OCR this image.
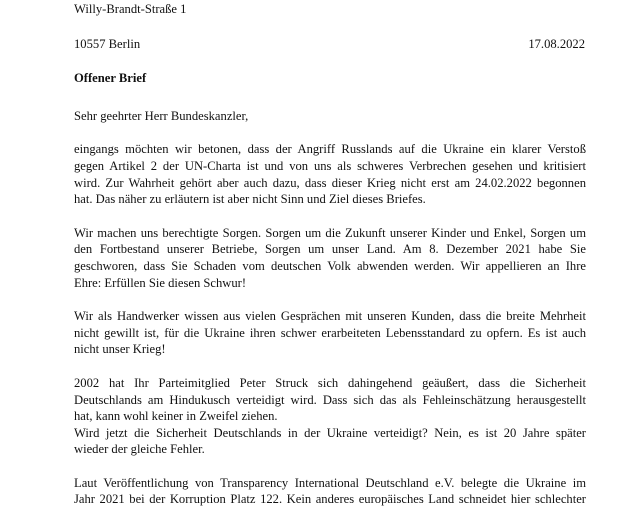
Willy-Brandt-Straße 1
10557 Berlin	17.08.2022
Offener Brief
Sehr geehrter Herr Bundeskanzler,
eingangs möchten wir betonen, dass der Angriff Russlands auf die Ukraine ein klarer Verstoß
gegen Artikel 2 der UN-Charta ist und von uns als schweres Verbrechen gesehen und kritisiert
wird. Zur Wahrheit gehört aber auch dazu, dass dieser Krieg nicht erst am 24.02.2022 begonnen
hat. Das näher zu erläutern ist aber nicht Sinn und Ziel dieses Briefes.
Wir machen uns berechtigte Sorgen. Sorgen um die Zukunft unserer Kinder und Enkel, Sorgen um
den Fortbestand unserer Betriebe, Sorgen um unser Land. Am 8. Dezember 2021 habe Sie
geschworen, dass Sie Schaden vom deutschen Volk abwenden werden. Wir appellieren an Ihre
Ehre: Erfüllen Sie diesen Schwur!
Wir als Handwerker wissen aus vielen Gesprächen mit unseren Kunden, dass die breite Mehrheit
nicht gewillt ist, für die Ukraine ihren schwer erarbeiteten Lebensstandard zu opfern. Es ist auch
nicht unser Krieg!
2002 hat Ihr Parteimitglied Peter Struck sich dahingehend geäußert, dass die Sicherheit
Deutschlands am Hindukusch verteidigt wird. Dass sich das als Fehleinschätzung herausgestellt
hat, kann wohl keiner in Zweifel ziehen.
Wird jetzt die Sicherheit Deutschlands in der Ukraine verteidigt? Nein, es ist 20 Jahre später
wieder der gleiche Fehler.
Laut Veröffentlichung von Transparency International Deutschland e.V. belegte die Ukraine im
Jahr 2021 bei der Korruption Platz 122. Kein anderes europäisches Land schneidet hier schlechter
